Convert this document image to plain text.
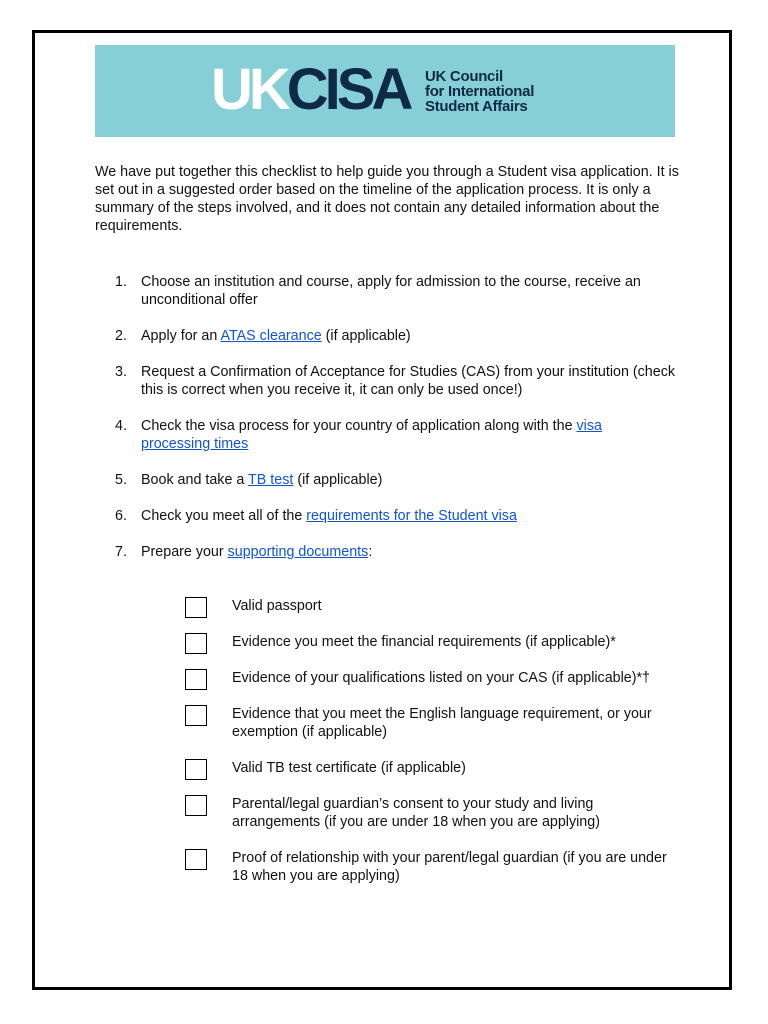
UKCISA UK Council
for International
Student Affairs

We have put together this checklist to help guide you through a Student visa application. It is set out in a suggested order based on the timeline of the application process. It is only a summary of the steps involved, and it does not contain any detailed information about the requirements.

1. Choose an institution and course, apply for admission to the course, receive an unconditional offer
2. Apply for an ATAS clearance (if applicable)
3. Request a Confirmation of Acceptance for Studies (CAS) from your institution (check this is correct when you receive it, it can only be used once!)
4. Check the visa process for your country of application along with the visa processing times
5. Book and take a TB test (if applicable)
6. Check you meet all of the requirements for the Student visa
7. Prepare your supporting documents:
Valid passport
Evidence you meet the financial requirements (if applicable)*
Evidence of your qualifications listed on your CAS (if applicable)*†
Evidence that you meet the English language requirement, or your exemption (if applicable)
Valid TB test certificate (if applicable)
Parental/legal guardian’s consent to your study and living arrangements (if you are under 18 when you are applying)
Proof of relationship with your parent/legal guardian (if you are under 18 when you are applying)
